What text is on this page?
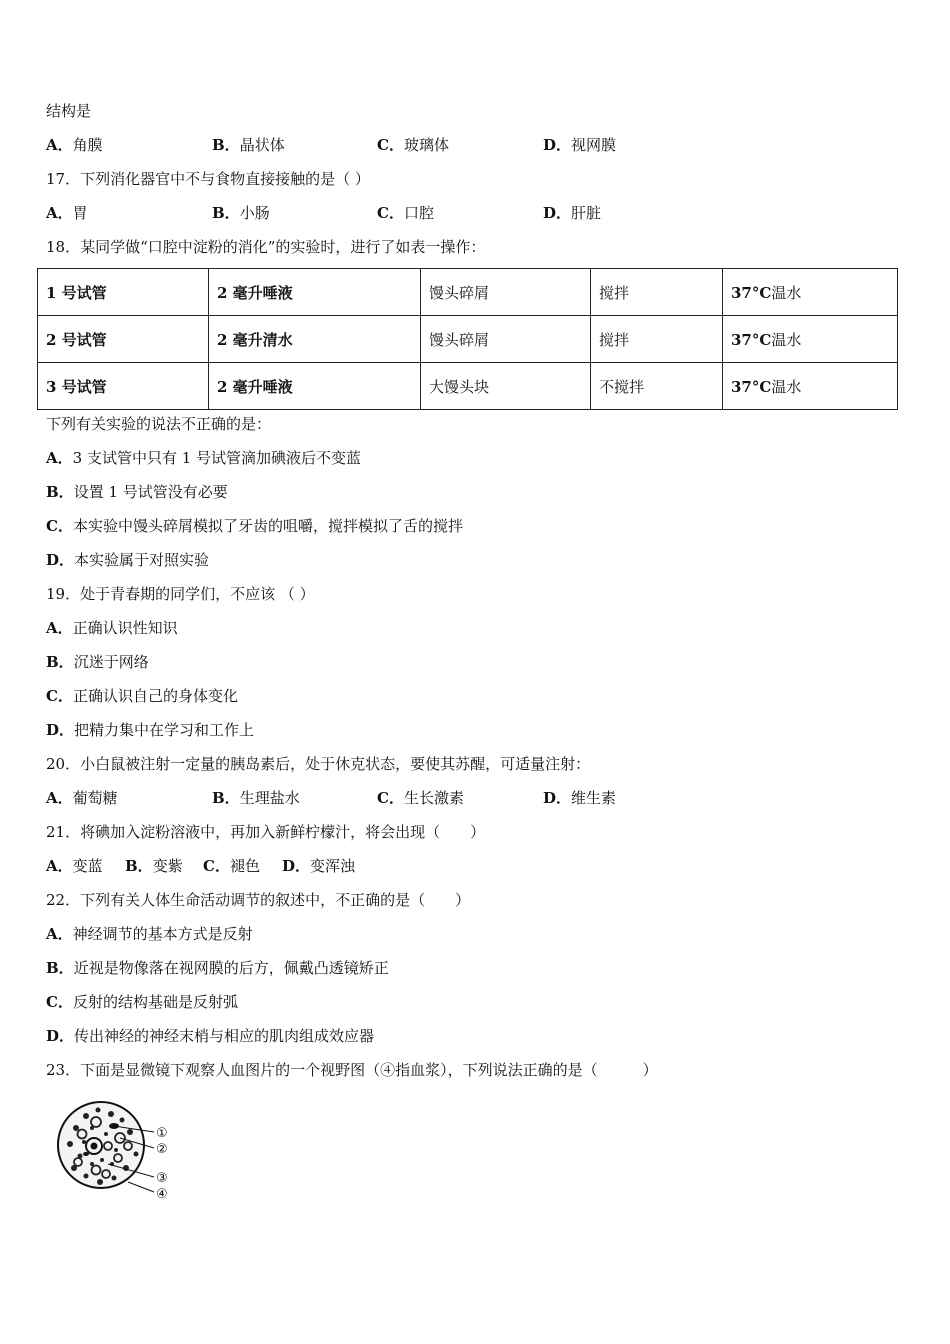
结构是
A．角膜	B．晶状体	C．玻璃体	D．视网膜
17．下列消化器官中不与食物直接接触的是（ ）
A．胃	B．小肠	C．口腔	D．肝脏
18．某同学做“口腔中淀粉的消化”的实验时，进行了如表一操作：
1 号试管	2 毫升唾液	馒头碎屑	搅拌	37°C温水
2 号试管	2 毫升清水	馒头碎屑	搅拌	37°C温水
3 号试管	2 毫升唾液	大馒头块	不搅拌	37°C温水
下列有关实验的说法不正确的是：
A．3 支试管中只有 1 号试管滴加碘液后不变蓝
B．设置 1 号试管没有必要
C．本实验中馒头碎屑模拟了牙齿的咀嚼，搅拌模拟了舌的搅拌
D．本实验属于对照实验
19．处于青春期的同学们，不应该 （ ）
A．正确认识性知识
B．沉迷于网络
C．正确认识自己的身体变化
D．把精力集中在学习和工作上
20．小白鼠被注射一定量的胰岛素后，处于休克状态，要使其苏醒，可适量注射：
A．葡萄糖	B．生理盐水	C．生长激素	D．维生素
21．将碘加入淀粉溶液中，再加入新鲜柠檬汁，将会出现（　　）
A．变蓝 B．变紫 C．褪色 D．变浑浊
22．下列有关人体生命活动调节的叙述中，不正确的是（　　）
A．神经调节的基本方式是反射
B．近视是物像落在视网膜的后方，佩戴凸透镜矫正
C．反射的结构基础是反射弧
D．传出神经的神经末梢与相应的肌肉组成效应器
23．下面是显微镜下观察人血图片的一个视野图（④指血浆），下列说法正确的是（　　　）
①
②
③
④
